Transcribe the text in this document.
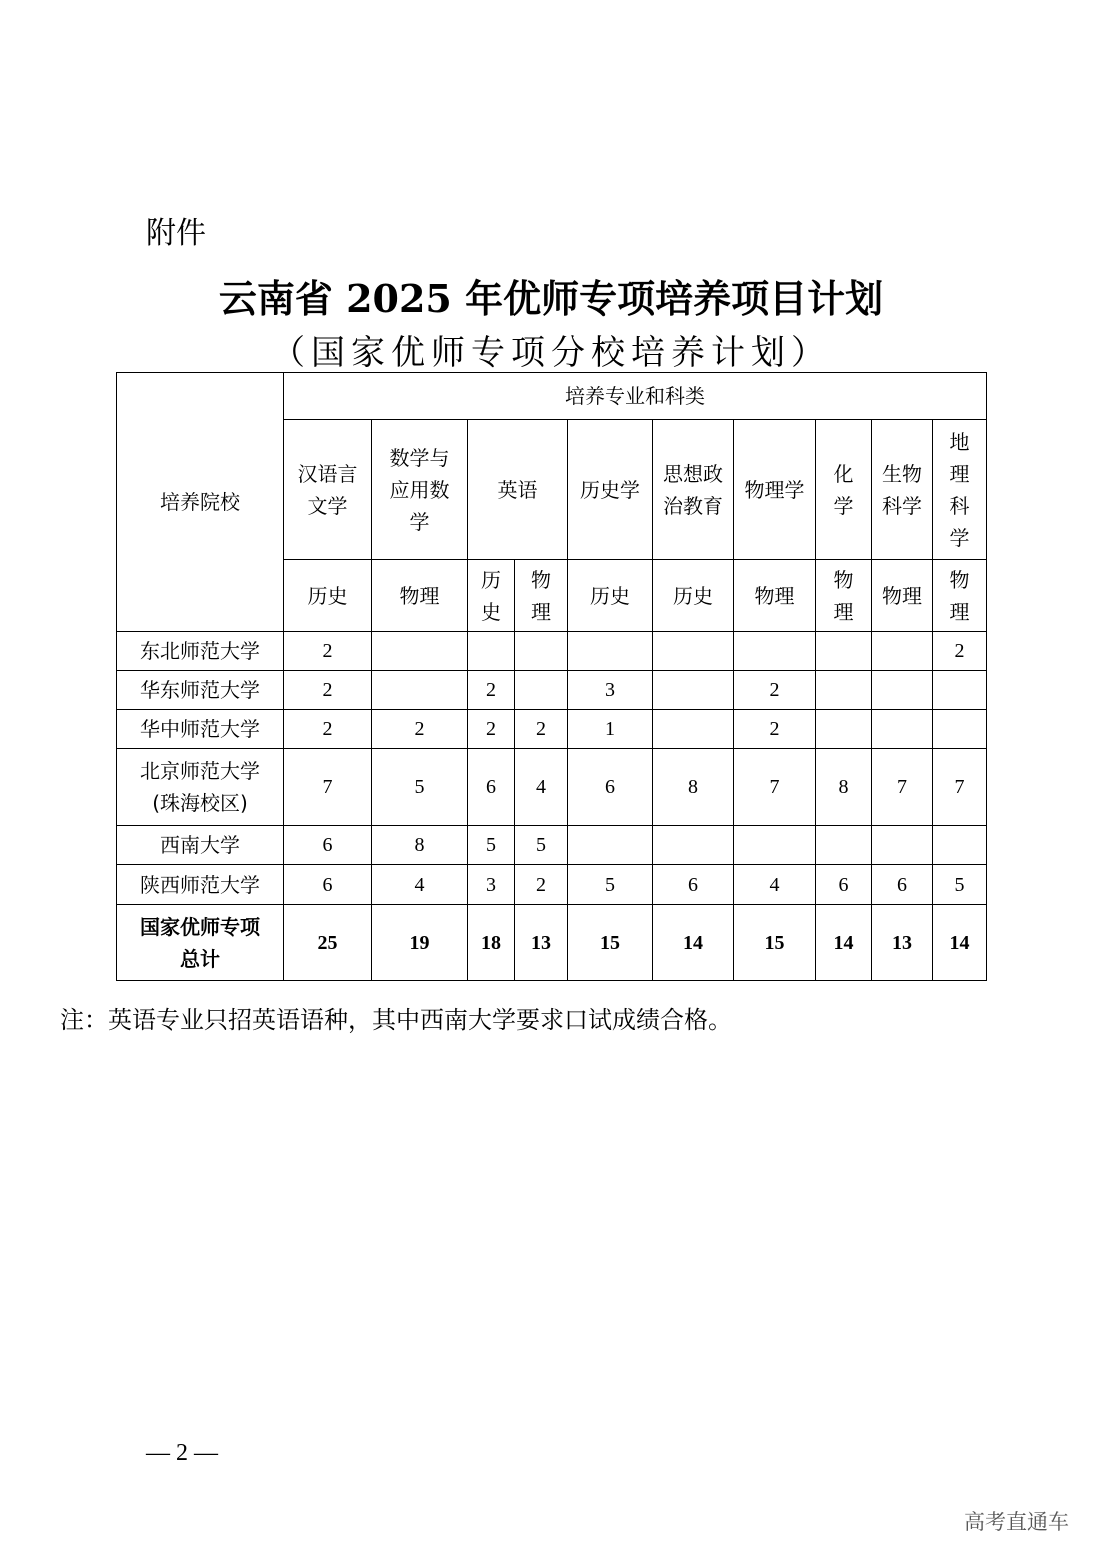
附件
云南省 2025 年优师专项培养项目计划
（国家优师专项分校培养计划）
培养院校	培养专业和科类									

	汉语言文学	数学与应用数学	英语		历史学	思想政治教育	物理学	化学	生物科学	地理科学

	历史	物理	历史	物理	历史	历史	物理	物理	物理	物理

东北师范大学	2									2
华东师范大学	2		2		3		2			
华中师范大学	2	2	2	2	1		2			

北京师范大学(珠海校区)	7	5	6	4	6	8	7	8	7	7
西南大学	6	8	5	5						
陕西师范大学	6	4	3	2	5	6	4	6	6	5

国家优师专项总计	25	19	18	13	15	14	15	14	13	14
注：英语专业只招英语语种，其中西南大学要求口试成绩合格。
— 2 —
高考直通车
